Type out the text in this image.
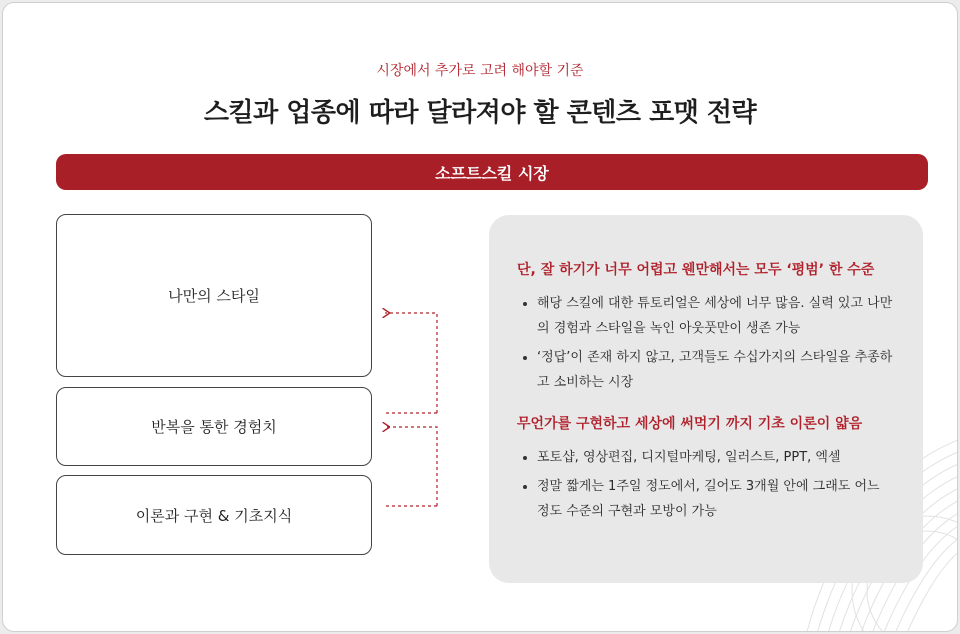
시장에서 추가로 고려 해야할 기준
스킬과 업종에 따라 달라져야 할 콘텐츠 포맷 전략
소프트스킬 시장
나만의 스타일
반복을 통한 경험치
이론과 구현 & 기초지식
단, 잘 하기가 너무 어렵고 웬만해서는 모두 ‘평범’ 한 수준
• 해당 스킬에 대한 튜토리얼은 세상에 너무 많음. 실력 있고 나만의 경험과 스타일을 녹인 아웃풋만이 생존 가능
• ‘정답’이 존재 하지 않고, 고객들도 수십가지의 스타일을 추종하고 소비하는 시장
무언가를 구현하고 세상에 써먹기 까지 기초 이론이 얇음
• 포토샵, 영상편집, 디지털마케팅, 일러스트, PPT, 엑셀
• 정말 짧게는 1주일 정도에서, 길어도 3개월 안에 그래도 어느 정도 수준의 구현과 모방이 가능
